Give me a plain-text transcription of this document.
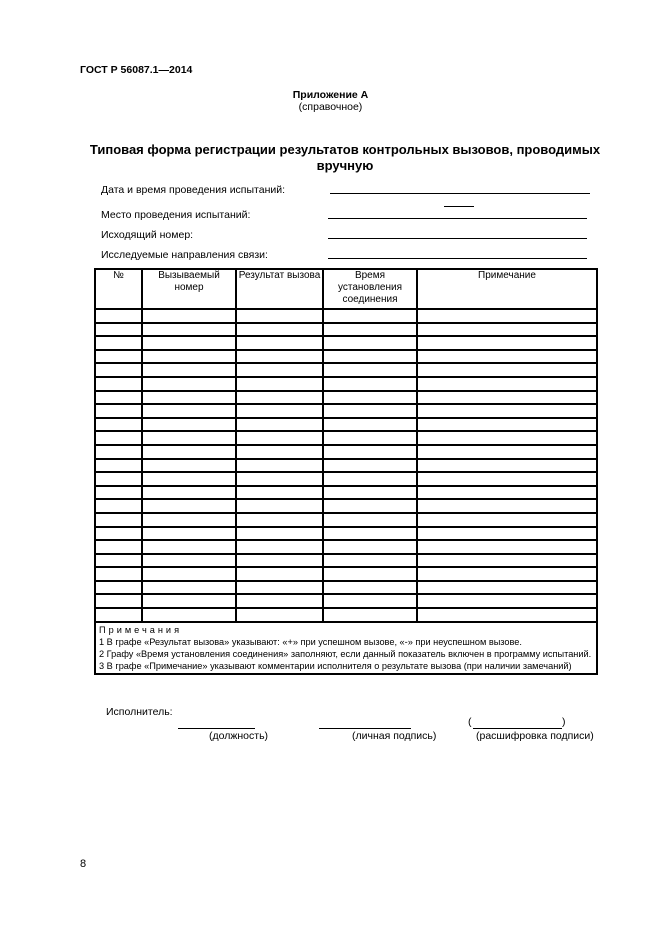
ГОСТ Р 56087.1—2014
Приложение А
(справочное)
Типовая форма регистрации результатов контрольных вызовов, проводимых вручную
Дата и время проведения испытаний:
Место проведения испытаний:
Исходящий номер:
Исследуемые направления связи:
№	Вызываемый номер	Результат вызова	Время установления соединения	Примечание

Примечания
1 В графе «Результат вызова» указывают: «+» при успешном вызове, «-» при неуспешном вызове.
2 Графу «Время установления соединения» заполняют, если данный показатель включен в программу испытаний.
3 В графе «Примечание» указывают комментарии исполнителя о результате вызова (при наличии замечаний)				
Исполнитель:
(должность)	(личная подпись)
(	)
(расшифровка подписи)
8
